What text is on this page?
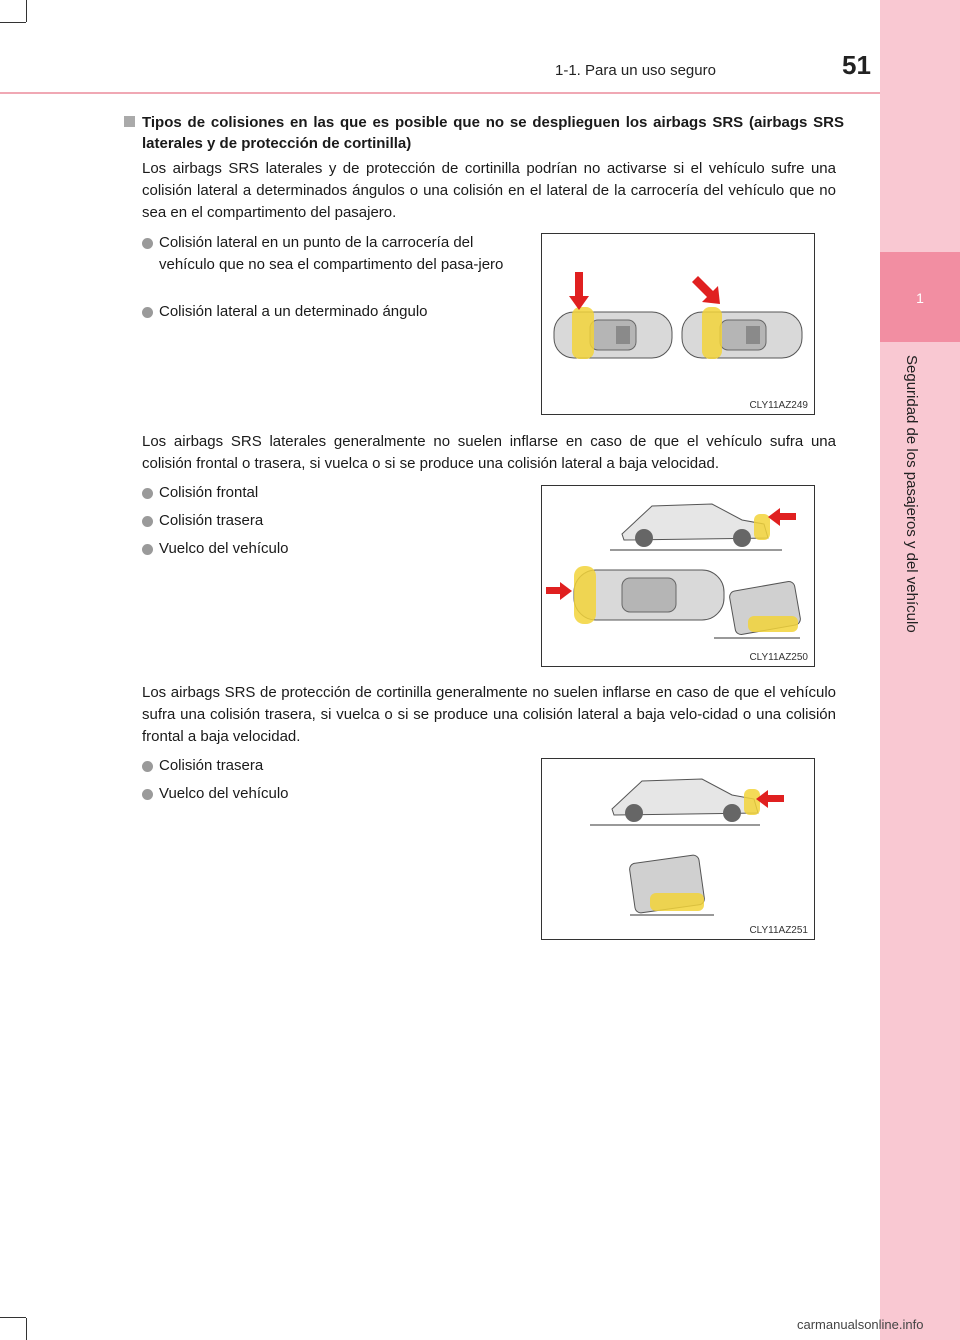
1
Seguridad de los pasajeros y del vehículo
1-1. Para un uso seguro	51
Tipos de colisiones en las que es posible que no se desplieguen los airbags SRS (airbags SRS laterales y de protección de cortinilla)
Los airbags SRS laterales y de protección de cortinilla podrían no activarse si el vehículo sufre una colisión lateral a determinados ángulos o una colisión en el lateral de la carrocería del vehículo que no sea en el compartimento del pasajero.
Colisión lateral en un punto de la carrocería del vehículo que no sea el compartimento del pasa-jero
Colisión lateral a un determinado ángulo
CLY11AZ249
Los airbags SRS laterales generalmente no suelen inflarse en caso de que el vehículo sufra una colisión frontal o trasera, si vuelca o si se produce una colisión lateral a baja velocidad.
Colisión frontal
Colisión trasera
Vuelco del vehículo
CLY11AZ250
Los airbags SRS de protección de cortinilla generalmente no suelen inflarse en caso de que el vehículo sufra una colisión trasera, si vuelca o si se produce una colisión lateral a baja velo-cidad o una colisión frontal a baja velocidad.
Colisión trasera
Vuelco del vehículo
CLY11AZ251
carmanualsonline.info
